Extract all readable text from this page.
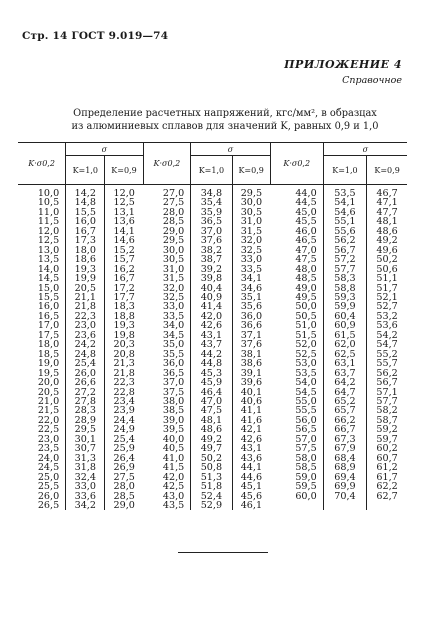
Стр. 14 ГОСТ 9.019—74
ПРИЛОЖЕНИЕ 4
Справочное
Определение расчетных напряжений, кгс/мм², в образцах
из алюминиевых сплавов для значений K, равных 0,9 и 1,0
K·σ0,2	σ		K·σ0,2	σ		K·σ0,2	σ	
	K=1,0	K=0,9		K=1,0	K=0,9		K=1,0	K=0,9
10,0	14,2	12,0	27,0	34,8	29,5	44,0	53,5	46,7
10,5	14,8	12,5	27,5	35,4	30,0	44,5	54,1	47,1
11,0	15,5	13,1	28,0	35,9	30,5	45,0	54,6	47,7
11,5	16,0	13,6	28,5	36,5	31,0	45,5	55,1	48,1
12,0	16,7	14,1	29,0	37,0	31,5	46,0	55,6	48,6
12,5	17,3	14,6	29,5	37,6	32,0	46,5	56,2	49,2
13,0	18,0	15,2	30,0	38,2	32,5	47,0	56,7	49,6
13,5	18,6	15,7	30,5	38,7	33,0	47,5	57,2	50,2
14,0	19,3	16,2	31,0	39,2	33,5	48,0	57,7	50,6
14,5	19,9	16,7	31,5	39,8	34,1	48,5	58,3	51,1
15,0	20,5	17,2	32,0	40,4	34,6	49,0	58,8	51,7
15,5	21,1	17,7	32,5	40,9	35,1	49,5	59,3	52,1
16,0	21,8	18,3	33,0	41,4	35,6	50,0	59,9	52,7
16,5	22,3	18,8	33,5	42,0	36,0	50,5	60,4	53,2
17,0	23,0	19,3	34,0	42,6	36,6	51,0	60,9	53,6
17,5	23,6	19,8	34,5	43,1	37,1	51,5	61,5	54,2
18,0	24,2	20,3	35,0	43,7	37,6	52,0	62,0	54,7
18,5	24,8	20,8	35,5	44,2	38,1	52,5	62,5	55,2
19,0	25,4	21,3	36,0	44,8	38,6	53,0	63,1	55,7
19,5	26,0	21,8	36,5	45,3	39,1	53,5	63,7	56,2
20,0	26,6	22,3	37,0	45,9	39,6	54,0	64,2	56,7
20,5	27,2	22,8	37,5	46,4	40,1	54,5	64,7	57,1
21,0	27,8	23,4	38,0	47,0	40,6	55,0	65,2	57,7
21,5	28,3	23,9	38,5	47,5	41,1	55,5	65,7	58,2
22,0	28,9	24,4	39,0	48,1	41,6	56,0	66,2	58,7
22,5	29,5	24,9	39,5	48,6	42,1	56,5	66,7	59,2
23,0	30,1	25,4	40,0	49,2	42,6	57,0	67,3	59,7
23,5	30,7	25,9	40,5	49,7	43,1	57,5	67,9	60,2
24,0	31,3	26,4	41,0	50,2	43,6	58,0	68,4	60,7
24,5	31,8	26,9	41,5	50,8	44,1	58,5	68,9	61,2
25,0	32,4	27,5	42,0	51,3	44,6	59,0	69,4	61,7
25,5	33,0	28,0	42,5	51,8	45,1	59,5	69,9	62,2
26,0	33,6	28,5	43,0	52,4	45,6	60,0	70,4	62,7
26,5	34,2	29,0	43,5	52,9	46,1			
